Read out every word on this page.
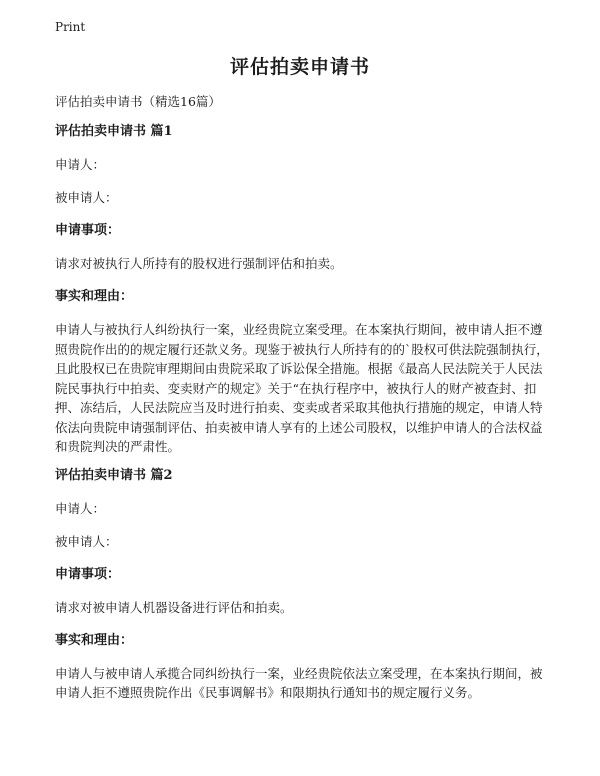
Print
评估拍卖申请书

评估拍卖申请书（精选16篇）

评估拍卖申请书 篇1

申请人：

被申请人：

申请事项：

请求对被执行人所持有的股权进行强制评估和拍卖。

事实和理由：

申请人与被执行人纠纷执行一案，业经贵院立案受理。在本案执行期间，被申请人拒不遵照贵院作出的的规定履行还款义务。现鉴于被执行人所持有的的`股权可供法院强制执行，且此股权已在贵院审理期间由贵院采取了诉讼保全措施。根据《最高人民法院关于人民法院民事执行中拍卖、变卖财产的规定》关于“在执行程序中，被执行人的财产被查封、扣押、冻结后，人民法院应当及时进行拍卖、变卖或者采取其他执行措施的规定，申请人特依法向贵院申请强制评估、拍卖被申请人享有的上述公司股权，以维护申请人的合法权益和贵院判决的严肃性。

评估拍卖申请书 篇2

申请人：

被申请人：

申请事项：

请求对被申请人机器设备进行评估和拍卖。

事实和理由：

申请人与被申请人承揽合同纠纷执行一案，业经贵院依法立案受理，在本案执行期间，被申请人拒不遵照贵院作出《民事调解书》和限期执行通知书的规定履行义务。
